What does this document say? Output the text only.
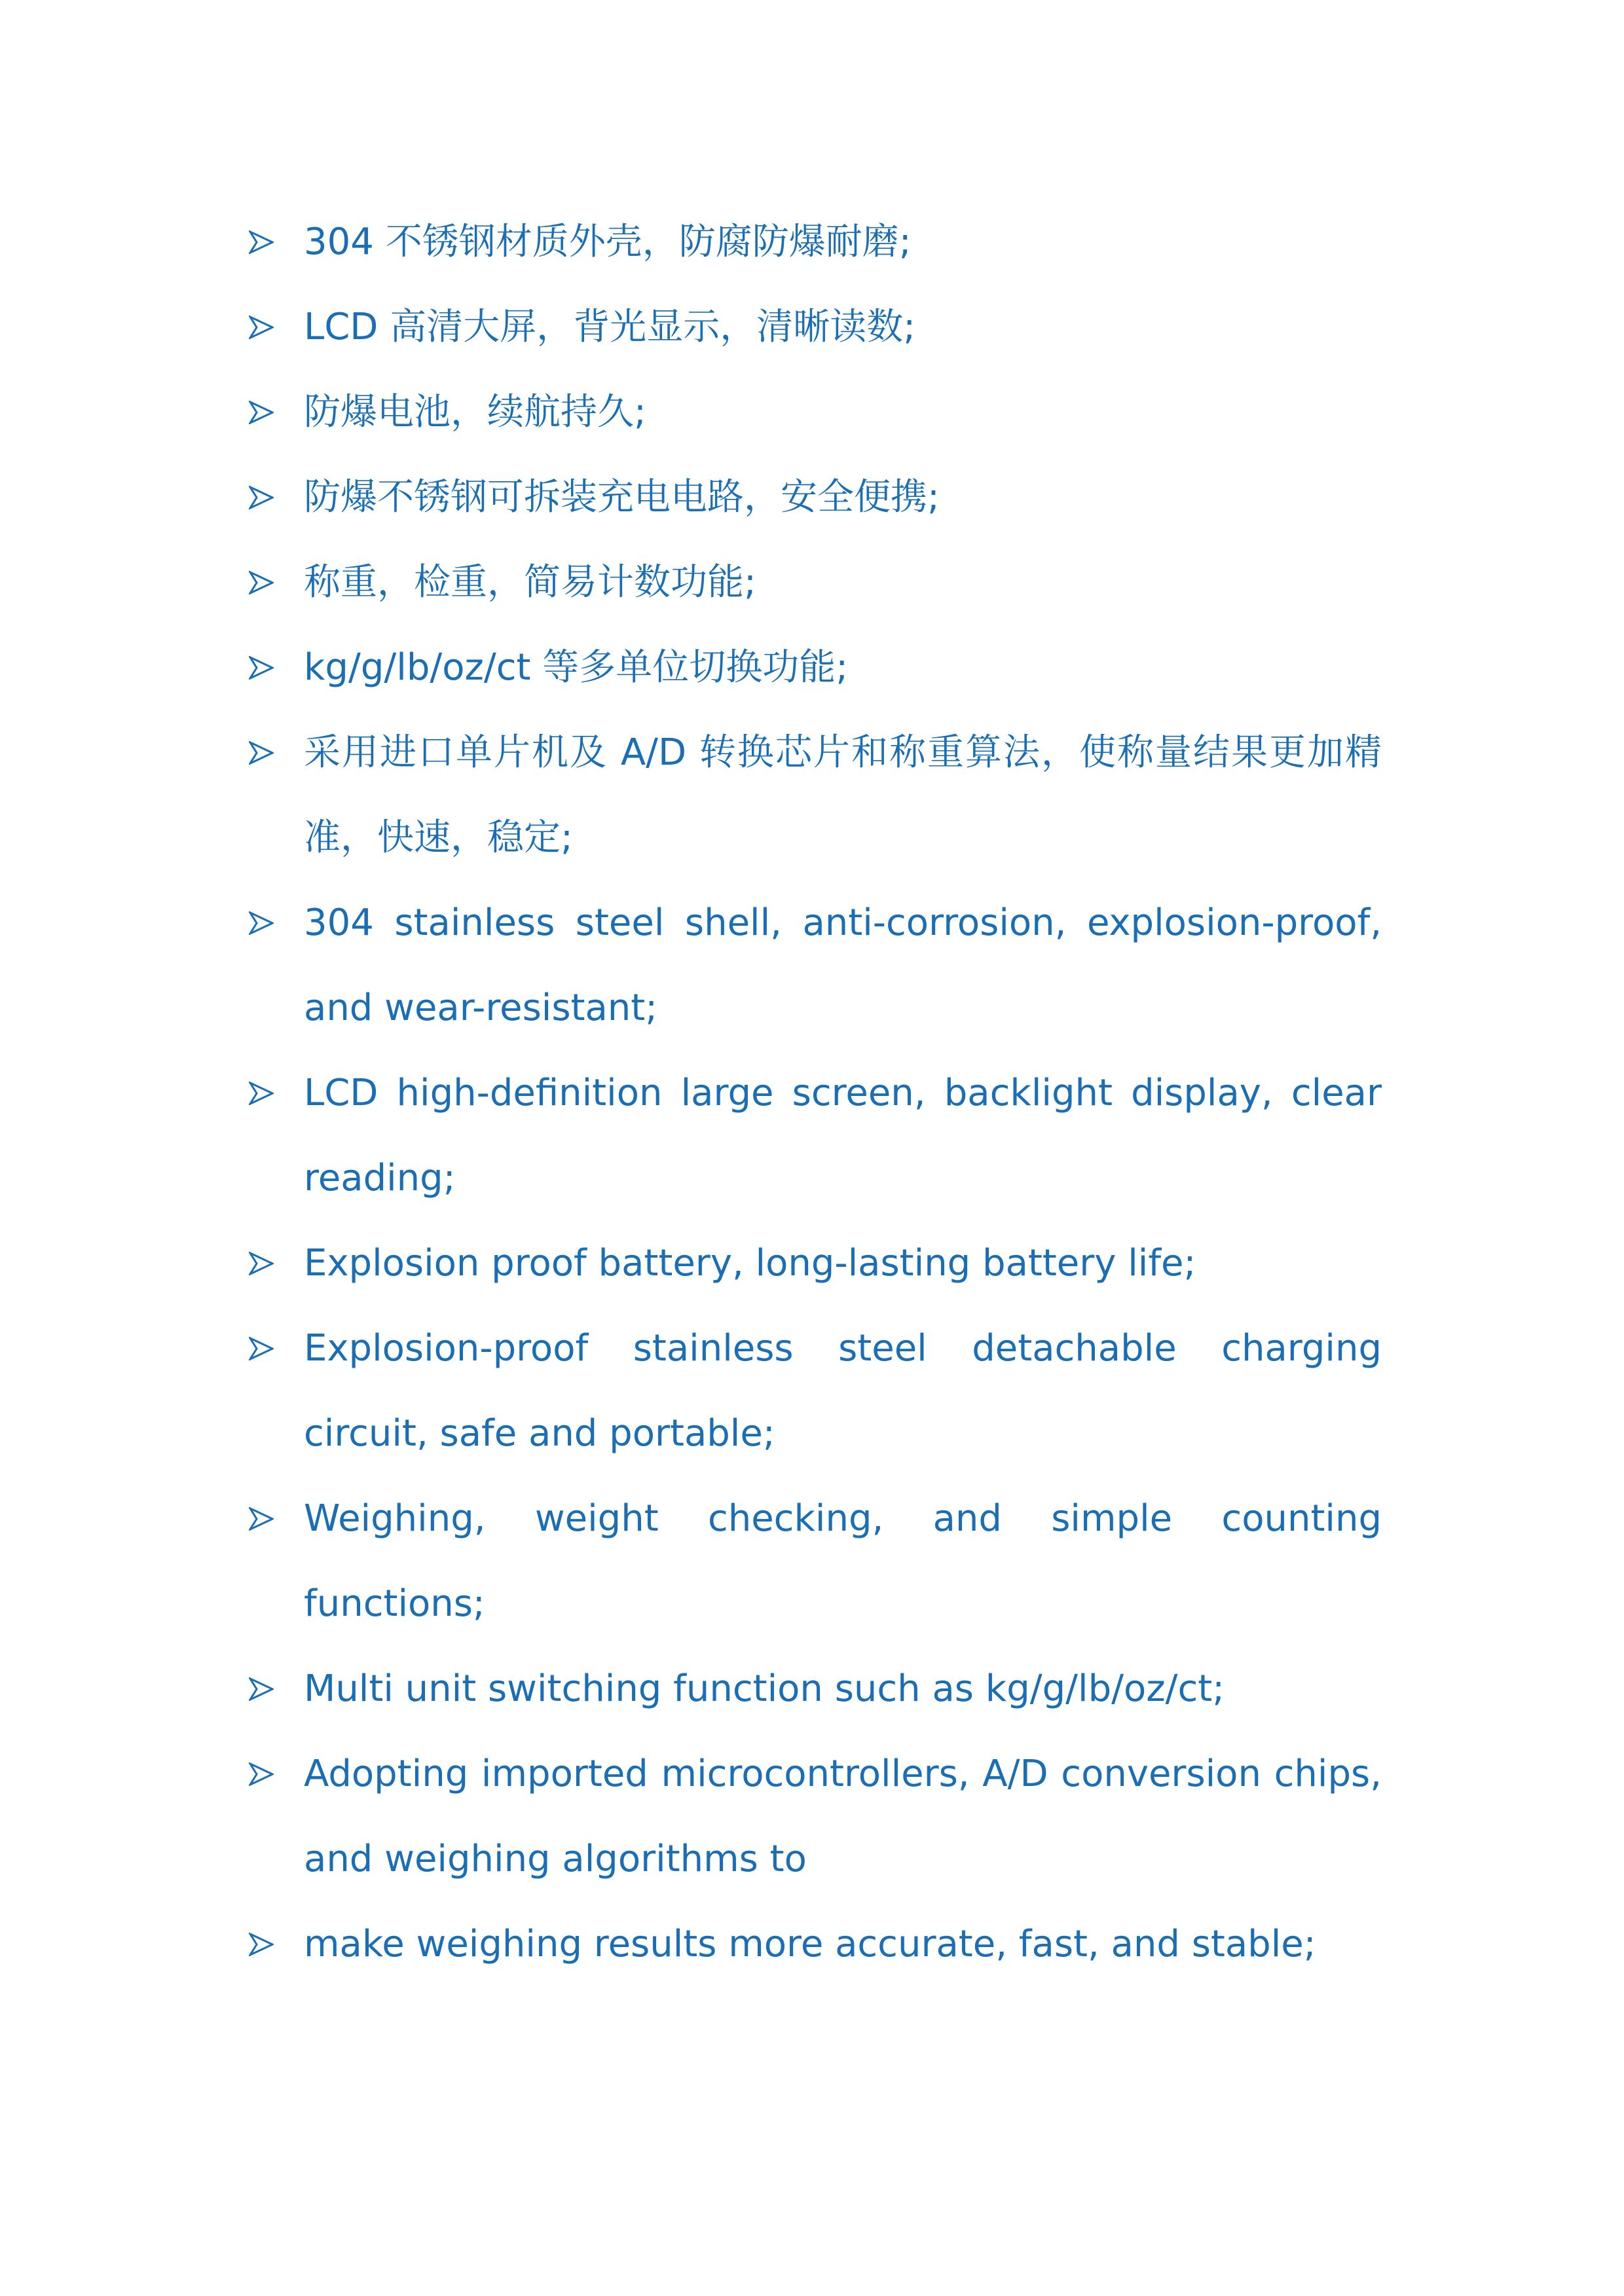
304 不锈钢材质外壳，防腐防爆耐磨;
LCD 高清大屏，背光显示，清晰读数;
防爆电池，续航持久;
防爆不锈钢可拆装充电电路，安全便携;
称重，检重，简易计数功能;
kg/g/lb/oz/ct 等多单位切换功能;
采用进口单片机及 A/D 转换芯片和称重算法，使称量结果更加精准，快速，稳定;
304 stainless steel shell, anti-corrosion, explosion-proof, and wear-resistant;
LCD high-definition large screen, backlight display, clear reading;
Explosion proof battery, long-lasting battery life;
Explosion-proof stainless steel detachable charging circuit, safe and portable;
Weighing, weight checking, and simple counting functions;
Multi unit switching function such as kg/g/lb/oz/ct;
Adopting imported microcontrollers, A/D conversion chips, and weighing algorithms to
make weighing results more accurate, fast, and stable;
